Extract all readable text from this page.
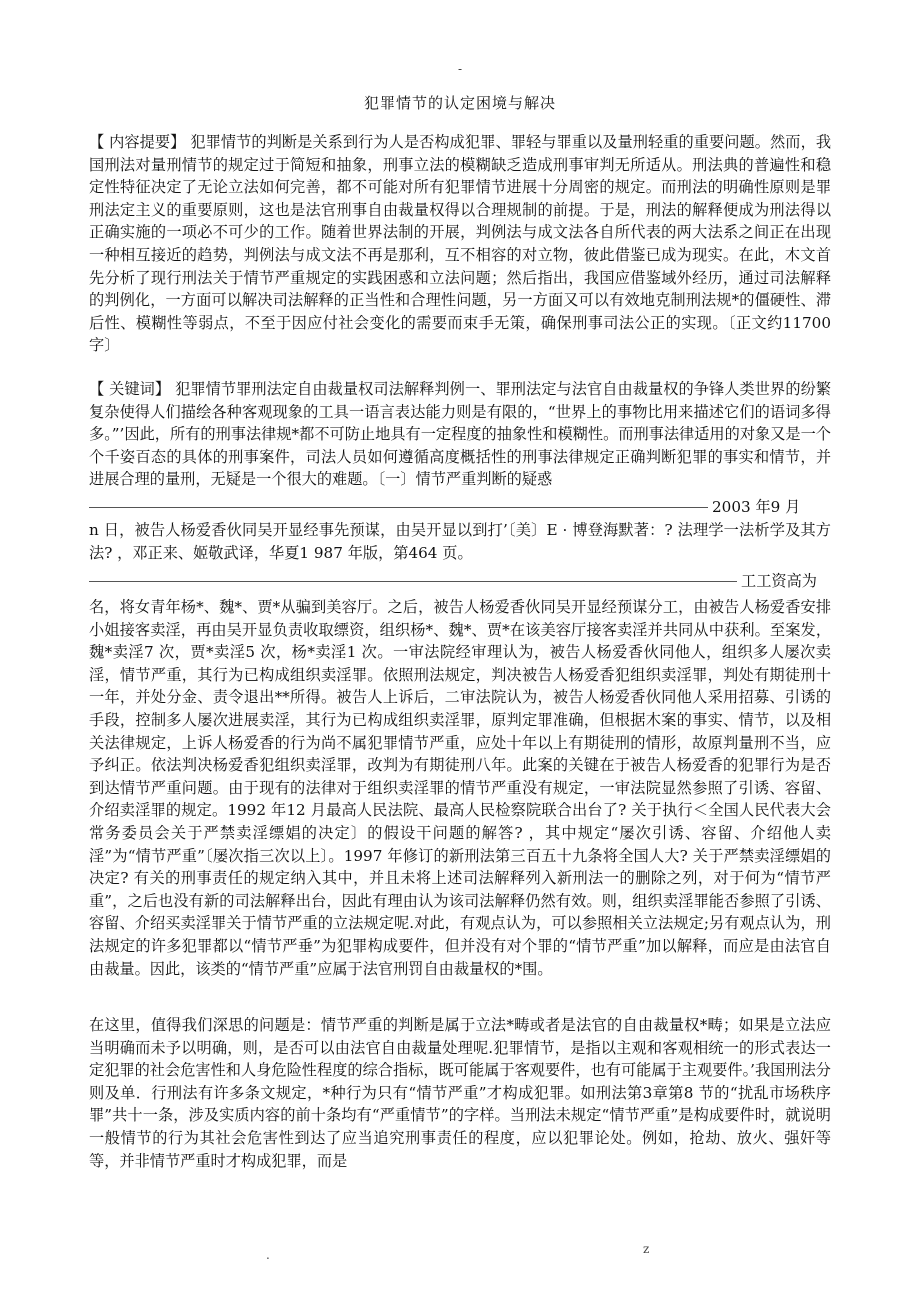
-
犯罪情节的认定困境与解决
【 内容提要】 犯罪情节的判断是关系到行为人是否构成犯罪、罪轻与罪重以及量刑轻重的重要问题。然而，我国刑法对量刑情节的规定过于简短和抽象，刑事立法的模糊缺乏造成刑事审判无所适从。刑法典的普遍性和稳定性特征决定了无论立法如何完善，都不可能对所有犯罪情节进展十分周密的规定。而刑法的明确性原则是罪刑法定主义的重要原则，这也是法官刑事自由裁量权得以合理规制的前提。于是，刑法的解释便成为刑法得以正确实施的一项必不可少的工作。随着世界法制的开展，判例法与成文法各自所代表的两大法系之间正在出现一种相互接近的趋势，判例法与成文法不再是那利，互不相容的对立物，彼此借鉴已成为现实。在此，木文首先分析了现行刑法关于情节严重规定的实践困惑和立法问题；然后指出，我国应借鉴域外经历，通过司法解释的判例化，一方面可以解决司法解释的正当性和合理性问题，另一方面又可以有效地克制刑法规*的僵硬性、滞后性、模糊性等弱点，不至于因应付社会变化的需要而束手无策，确保刑事司法公正的实现。〔正文约11700 字〕
【 关键词】 犯罪情节罪刑法定自由裁量权司法解释判例一、罪刑法定与法官自由裁量权的争锋人类世界的纷繁复杂使得人们描绘各种客观现象的工具一语言表达能力则是有限的，“世界上的事物比用来描述它们的语词多得多。”’因此，所有的刑事法律规*都不可防止地具有一定程度的抽象性和模糊性。而刑事法律适用的对象又是一个个千姿百态的具体的刑事案件，司法人员如何遵循高度概括性的刑事法律规定正确判断犯罪的事实和情节，并进展合理的量刑，无疑是一个很大的难题。〔一〕情节严重判断的疑惑
2003 年9 月
n 日，被告人杨爱香伙同吴开显经事先预谋，由吴开显以到打’〔美〕E · 博登海默著：? 法理学一法析学及其方法? ，邓正来、姬敬武译，华夏1 987 年版，第464 页。
工工资高为
名，将女青年杨*、魏*、贾*从骗到美容厅。之后，被告人杨爱香伙同吴开显经预谋分工，由被告人杨爱香安排小姐接客卖淫，再由吴开显负责收取缥资，组织杨*、魏*、贾*在该美容厅接客卖淫并共同从中获利。至案发，魏*卖淫7 次，贾*卖淫5 次，杨*卖淫1 次。一审法院经审理认为，被告人杨爱香伙同他人，组织多人屡次卖淫，情节严重，其行为已构成组织卖淫罪。依照刑法规定，判决被告人杨爱香犯组织卖淫罪，判处有期徒刑十一年，并处分金、责令退出**所得。被告人上诉后，二审法院认为，被告人杨爱香伙同他人采用招募、引诱的手段，控制多人屡次进展卖淫，其行为已构成组织卖淫罪，原判定罪准确，但根据木案的事实、情节，以及相关法律规定，上诉人杨爱香的行为尚不属犯罪情节严重，应处十年以上有期徒刑的情形，故原判量刑不当，应予纠正。依法判决杨爱香犯组织卖淫罪，改判为有期徒刑八年。此案的关键在于被告人杨爱香的犯罪行为是否到达情节严重问题。由于现有的法律对于组织卖淫罪的情节严重没有规定，一审法院显然参照了引诱、容留、介绍卖淫罪的规定。1992 年12 月最高人民法院、最高人民检察院联合出台了? 关于执行＜全国人民代表大会常务委员会关于严禁卖淫缥娼的决定〕的假设干问题的解答? ，其中规定“屡次引诱、容留、介绍他人卖淫”为“情节严重”〔屡次指三次以上〕。1997 年修订的新刑法第三百五十九条将全国人大? 关于严禁卖淫缥娼的决定? 有关的刑事责任的规定纳入其中，并且未将上述司法解释列入新刑法一的删除之列，对于何为“情节严重”，之后也没有新的司法解释出台，因此有理由认为该司法解释仍然有效。则，组织卖淫罪能否参照了引诱、容留、介绍买卖淫罪关于情节严重的立法规定呢.对此，有观点认为，可以参照相关立法规定;另有观点认为，刑法规定的许多犯罪都以“情节严垂”为犯罪构成要件，但并没有对个罪的“情节严重”加以解释，而应是由法官自由裁量。因此，该类的“情节严重”应属于法官刑罚自由裁量权的*围。
在这里，值得我们深思的问题是：情节严重的判断是属于立法*畴或者是法官的自由裁量权*畴；如果是立法应当明确而未予以明确，则，是否可以由法官自由裁量处理呢.犯罪情节，是指以主观和客观相统一的形式表达一定犯罪的社会危害性和人身危险性程度的综合指标，既可能属于客观要件，也有可能属于主观要件。’我国刑法分则及单．行刑法有许多条文规定，*种行为只有“情节严重”才构成犯罪。如刑法第3章第8 节的“扰乱市场秩序罪”共十一条，涉及实质内容的前十条均有“严重情节”的字样。当刑法未规定“情节严重”是构成要件时，就说明一般情节的行为其社会危害性到达了应当追究刑事责任的程度，应以犯罪论处。例如，抢劫、放火、强奸等等，并非情节严重时才构成犯罪，而是
.	z
